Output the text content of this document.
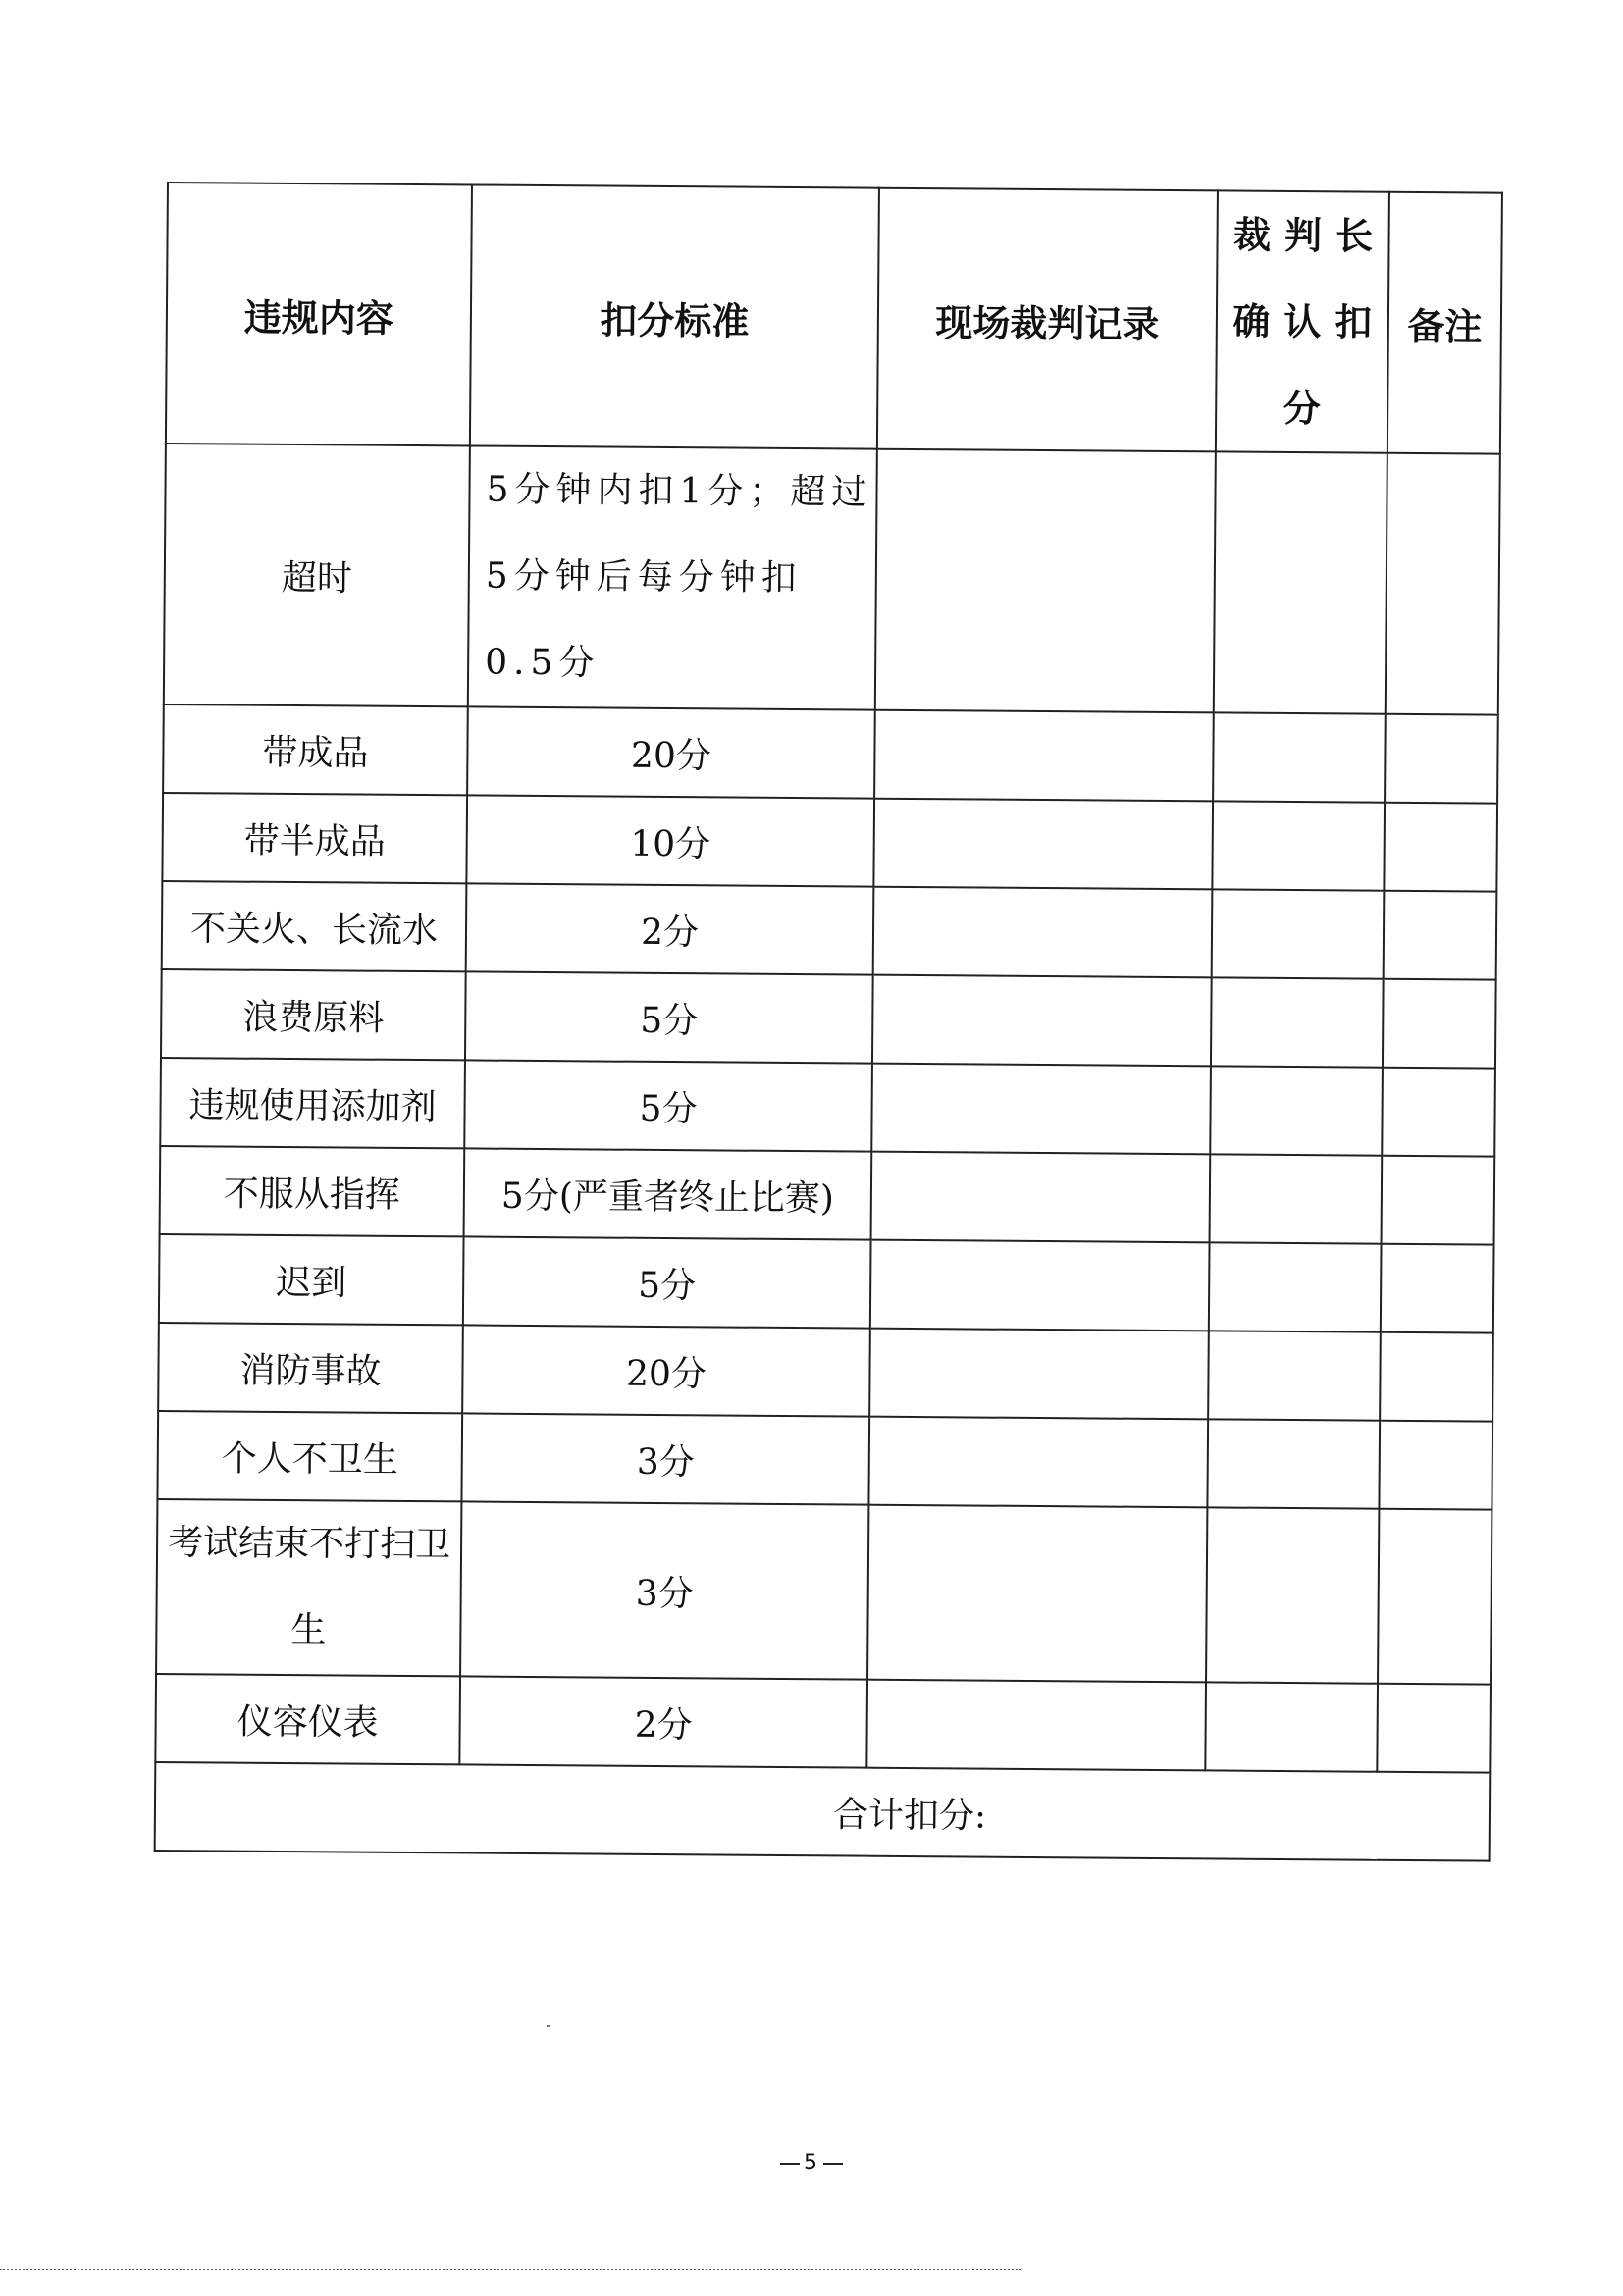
违规内容	扣分标准	现场裁判记录	裁判长确认扣分	备注
超时	5分钟内扣1分；超过5分钟后每分钟扣0.5分			
带成品	20分			
带半成品	10分			
不关火、长流水	2分			
浪费原料	5分			
违规使用添加剂	5分			
不服从指挥	5分(严重者终止比赛)			
迟到	5分			
消防事故	20分			
个人不卫生	3分			
考试结束不打扫卫生	3分			
仪容仪表	2分			
合计扣分:				
5
